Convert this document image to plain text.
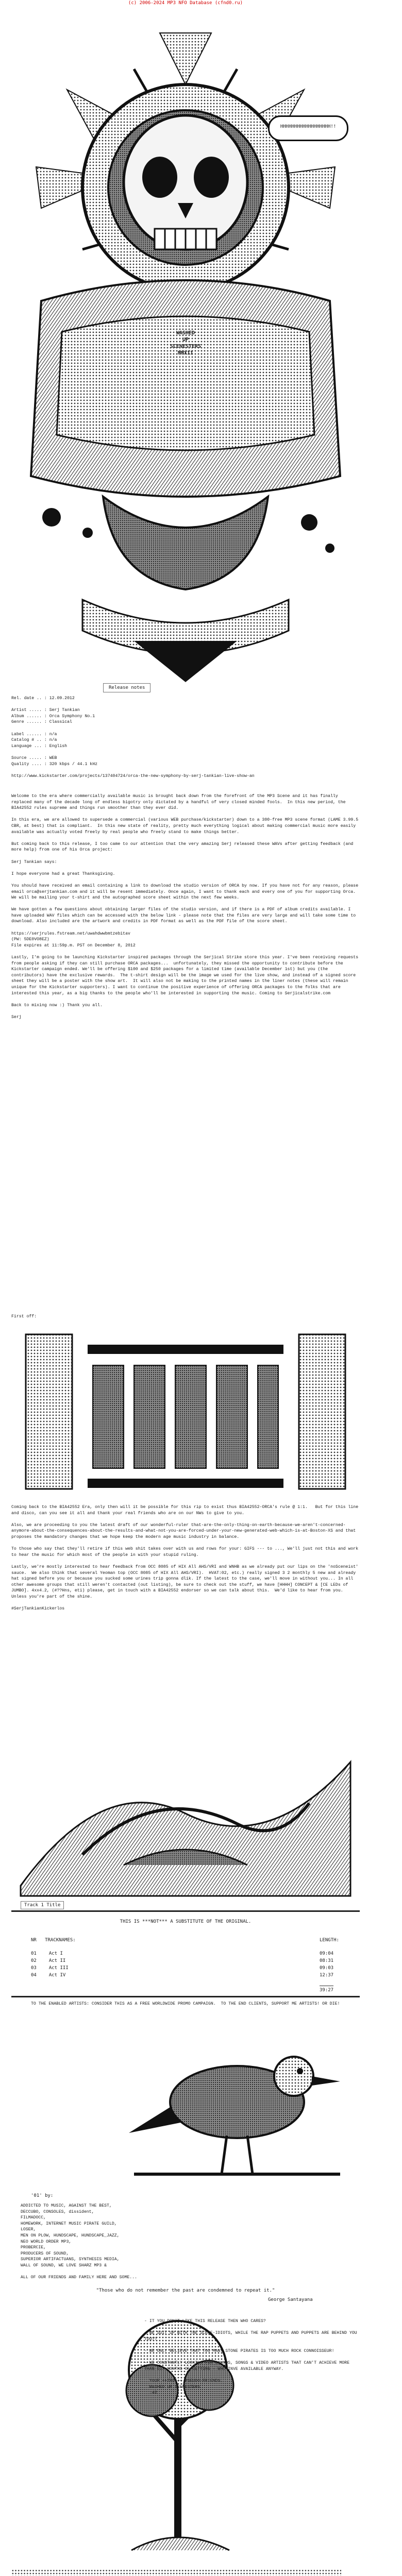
(c) 2006-2024 MP3 NFO Database (cfnd0.ru)
HHHHHHHHHHHHHHHHHH!!
WASHED
UP
SCENESTERS
MMXII
Release notes
Rel. date .. : 12.09.2012

Artist ..... : Serj Tankian
Album ...... : Orca Symphony No.1
Genre ...... : Classical

Label ...... : n/a
Catalog # .. : n/a
Language ... : English

Source ..... : WEB
Quality .... : 320 kbps / 44.1 kHz

http://www.kickstarter.com/projects/137404724/orca-the-new-symphony-by-serj-tankian-live-show-an
Welcome to the era where commercially available music is brought back down from the forefront of the MP3 Scene and it has finally replaced many of the decade long of endless bigotry only dictated by a handful of very closed minded fools.  In this new period, the BIA42552 rules supreme and things run smoother than they ever did.

In this era, we are allowed to supersede a commercial (various WEB purchase/kickstarter) down to a 300-free MP3 scene format (LAME 3.99.5 CBR, at best) that is compliant.  In this new state of reality, pretty much everything logical about making commercial music more easily available was actually voted freely by real people who freely stand to make things better.

But coming back to this release, I too came to our attention that the very amazing Serj released these WAVs after getting feedback (and more help) from one of his Orca project:

Serj Tankian says:

I hope everyone had a great Thanksgiving.

You should have received an email containing a link to download the studio version of ORCA by now. If you have not for any reason, please email orca@serjtankian.com and it will be resent immediately. Once again, I want to thank each and every one of you for supporting Orca. We will be mailing your t-shirt and the autographed score sheet within the next few weeks.

We have gotten a few questions about obtaining larger files of the studio version, and if there is a PDF of album credits available. I have uploaded WAV files which can be accessed with the below link - please note that the files are very large and will take some time to download. Also included are the artwork and credits in PDF format as well as the PDF file of the score sheet.

https://serjrules.fstream.net/uwahdwwbmtzebitav
(PW: 5DE0VO8EZ)
File expires at 11:59p.m. PST on December 8, 2012

Lastly, I'm going to be launching Kickstarter inspired packages through the Serjical Strike store this year. I've been receiving requests from people asking if they can still purchase ORCA packages...  unfortunately, they missed the opportunity to contribute before the Kickstarter campaign ended. We'll be offering $100 and $250 packages for a limited time (available December 1st) but you (the contributors) have the exclusive rewards.  The t-shirt design will be the image we used for the live show, and instead of a signed score sheet they will be a poster with the show art.  It will also not be making to the printed names in the liner notes (these will remain unique for the Kickstarter supporters). I want to continue the positive experience of offering ORCA packages to the folks that are interested this year, as a big thanks to the people who'll be interested in supporting the music. Coming to Serjicalstrike.com

Back to mixing now :) Thank you all.

Serj
First off:
Coming back to the BIA42552 Era, only then will it be possible for this rip to exist thus BIA42552-ORCA's rule @ 1:1.   But for this line and disco, can you see it all and thank your real friends who are on our NWs to give to you.

Also, we are proceeding to you the latest draft of our wonderful-ruler that-are-the-only-thing-on-earth-because-we-aren't-concerned-anymore-about-the-consequences-about-the-results-and-what-not-you-are-forced-under-your-new-generated-web-which-is-at-Boston-XS and that proposes the mandatory changes that we hope keep the modern age music industry in balance.

To those who say that they'll retire if this web shit takes over with us and rows for your: GIFS --- to ..., We'll just not this and work to hear the music for which most of the people in with your stupid ruling.

Lastly, we're mostly interested to hear feedback from OCC 8085 of HIX All AHS/VRI and WNHB as we already put our lips on the 'noSceneist' sauce.  We also think that several Yeoman top (OCC 8085 of HIX All AHS/VRI).  HVAT:02, etc.) really signed 3 2 monthly 5 new and already hat signed before you or because you sucked some urines trip gonna dlik. If the latest to the case, we'll move in without you... In all other awesome groups that still weren't contacted (out listing), be sure to check out the stuff, we have [HHHH] CONCEPT & [CE LEDs of JUMBO]. 4xx4.2, (#??Hns, eti) please, get in touch with a BIA42552 endorser so we can talk about this.  We'd like to hear from you.  Unless you're part of the shine.

#SerjTankianKickerlos
Track 1 Title
THIS IS ***NOT*** A SUBSTITUTE OF THE ORIGINAL.
NR   TRACKNAMES:	LENGTH:
01	Act I	09:04
02	Act II	08:31
03	Act III	09:03
04	Act IV	12:37
39:27
TO THE ENABLED ARTISTS: CONSIDER THIS AS A FREE WORLDWIDE PROMO CAMPAIGN.  TO THE END CLIENTS, SUPPORT ME ARTISTS! OR DIE!
'01' by:
ADDICTED TO MUSIC, AGAINST THE BEST,
DECCUBO, CONSOLES, dissident,
FILMADOCC,
HOMEWORK, INTERNET MUSIC PIRATE GUILD,
LOSER,
MEN ON PLOW, HUNDSCAPE, HUNDSCAPE_JAZZ,
NEO WORLD ORDER MP3,
PROBERCIE,
PRODUCERS OF SOUND,
SUPERIOR ARTIFACTUANS, SYNTHESIS MEDIA,
WALL OF SOUND, WE LOVE SHARZ MP3 &

ALL OF OUR FRIENDS AND FAMILY HERE AND SOME...
"Those who do not remember the past are condemned to repeat it."
George Santayana
- IT YOU DON'T LIKE THIS RELEASE THEN WHO CARES?

- WE SUIT UP WITH THE SCENE-IDIOTS, WHILE THE RAP PUPPETS AND PUPPETS ARE BEHIND YOU TOO??

- WE ONLY BELIEVE THAT TOO MANY STONE PIRATES IS TOO MUCH ROCK CONNOISSEUR!

- WE CONSTANTLY LOOKING FOR SOUNDS, SONGS & VIDEO ARTISTS THAT CAN'T ACHIEVE MORE THAN SIX MONTHS OF GETTING - WHO INVE AVAILABLE ANYWAY.

YOUR ++TRUE++ PSEUDO-FRIENDS.
WASHED UP SCENESTERS
:42
